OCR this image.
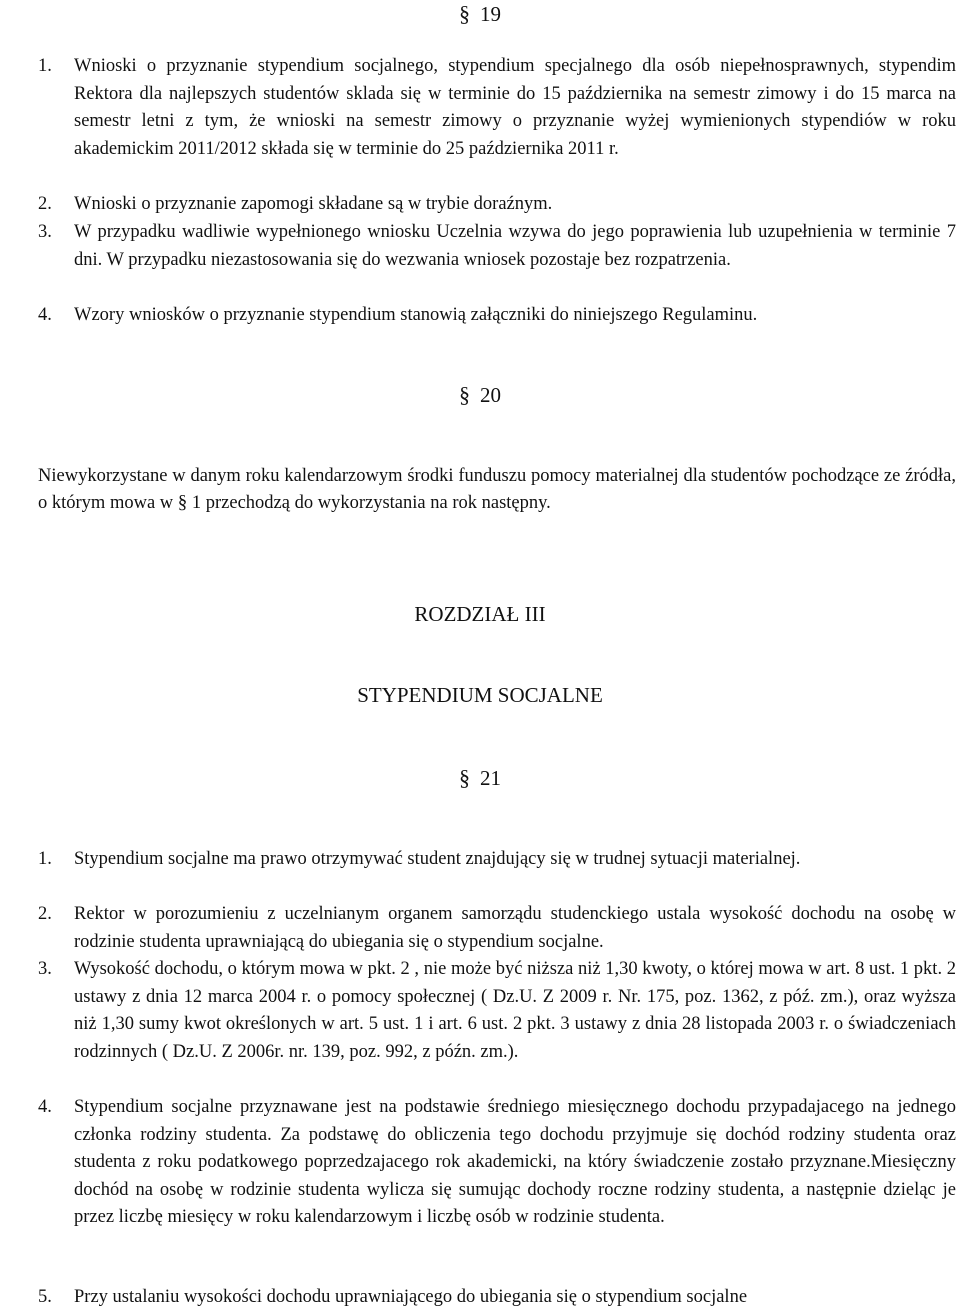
§ 19

1. Wnioski o przyznanie stypendium socjalnego, stypendium specjalnego dla osób niepełnosprawnych, stypendim Rektora dla najlepszych studentów sklada się w terminie do 15 października na semestr zimowy i do 15 marca na semestr letni z tym, że wnioski na semestr zimowy o przyznanie wyżej wymienionych stypendiów w roku akademickim 2011/2012 składa się w terminie do 25 października 2011 r.
2. Wnioski o przyznanie zapomogi składane są w trybie doraźnym.
3. W przypadku wadliwie wypełnionego wniosku Uczelnia wzywa do jego poprawienia lub uzupełnienia w terminie 7 dni. W przypadku niezastosowania się do wezwania wniosek pozostaje bez rozpatrzenia.
4. Wzory wniosków o przyznanie stypendium stanowią załączniki do niniejszego Regulaminu.

§ 20

Niewykorzystane w danym roku kalendarzowym środki funduszu pomocy materialnej dla studentów pochodzące ze źródła, o którym mowa w § 1 przechodzą do wykorzystania na rok następny.

ROZDZIAŁ III

STYPENDIUM SOCJALNE

§ 21

1. Stypendium socjalne ma prawo otrzymywać student znajdujący się w trudnej sytuacji materialnej.
2. Rektor w porozumieniu z uczelnianym organem samorządu studenckiego ustala wysokość dochodu na osobę w rodzinie studenta uprawniającą do ubiegania się o stypendium socjalne.
3. Wysokość dochodu, o którym mowa w pkt. 2 , nie może być niższa niż 1,30 kwoty, o której mowa w art. 8 ust. 1 pkt. 2 ustawy z dnia 12 marca 2004 r. o pomocy społecznej ( Dz.U. Z 2009 r. Nr. 175, poz. 1362, z póź. zm.), oraz wyższa niż 1,30 sumy kwot określonych w art. 5 ust. 1 i art. 6 ust. 2 pkt. 3 ustawy z dnia 28 listopada 2003 r. o świadczeniach rodzinnych ( Dz.U. Z 2006r. nr. 139, poz. 992, z późn. zm.).
4. Stypendium socjalne przyznawane jest na podstawie średniego miesięcznego dochodu przypadajacego na jednego członka rodziny studenta. Za podstawę do obliczenia tego dochodu przyjmuje się dochód rodziny studenta oraz studenta z roku podatkowego poprzedzajacego rok akademicki, na który świadczenie zostało przyznane.Miesięczny dochód na osobę w rodzinie studenta wylicza się sumując dochody roczne rodziny studenta, a następnie dzieląc je przez liczbę miesięcy w roku kalendarzowym i liczbę osób w rodzinie studenta.
5. Przy ustalaniu wysokości dochodu uprawniającego do ubiegania się o stypendium socjalne
